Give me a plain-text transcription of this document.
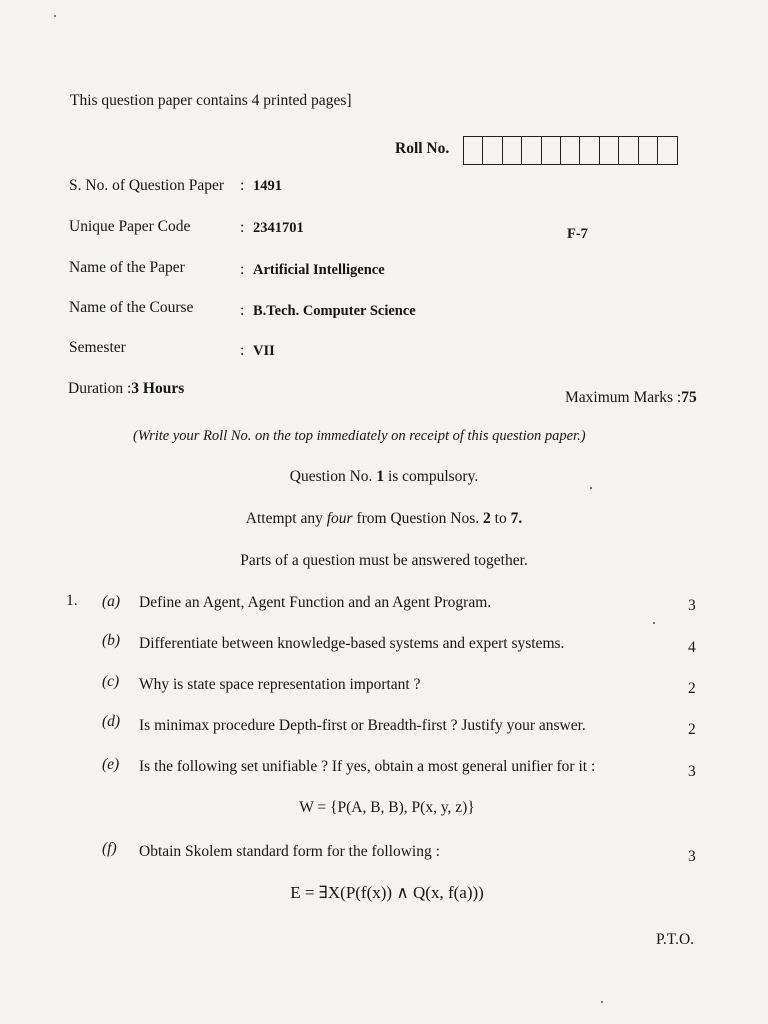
This question paper contains 4 printed pages]
Roll No.
S. No. of Question Paper : 1491
Unique Paper Code	: 2341701	F-7
Name of the Paper	: Artificial Intelligence
Name of the Course	: B.Tech. Computer Science
Semester	: VII
Duration :3 Hours
Maximum Marks :75
(Write your Roll No. on the top immediately on receipt of this question paper.)
Question No. 1 is compulsory.
Attempt any four from Question Nos. 2 to 7.
Parts of a question must be answered together.
1. (a) Define an Agent, Agent Function and an Agent Program.	3
(b) Differentiate between knowledge-based systems and expert systems.	4
(c) Why is state space representation important ?	2
(d) Is minimax procedure Depth-first or Breadth-first ? Justify your answer.	2
(e) Is the following set unifiable ? If yes, obtain a most general unifier for it :	3
W = {P(A, B, B), P(x, y, z)}
(f) Obtain Skolem standard form for the following :	3
E = ∃X(P(f(x)) ∧ Q(x, f(a)))
P.T.O.
